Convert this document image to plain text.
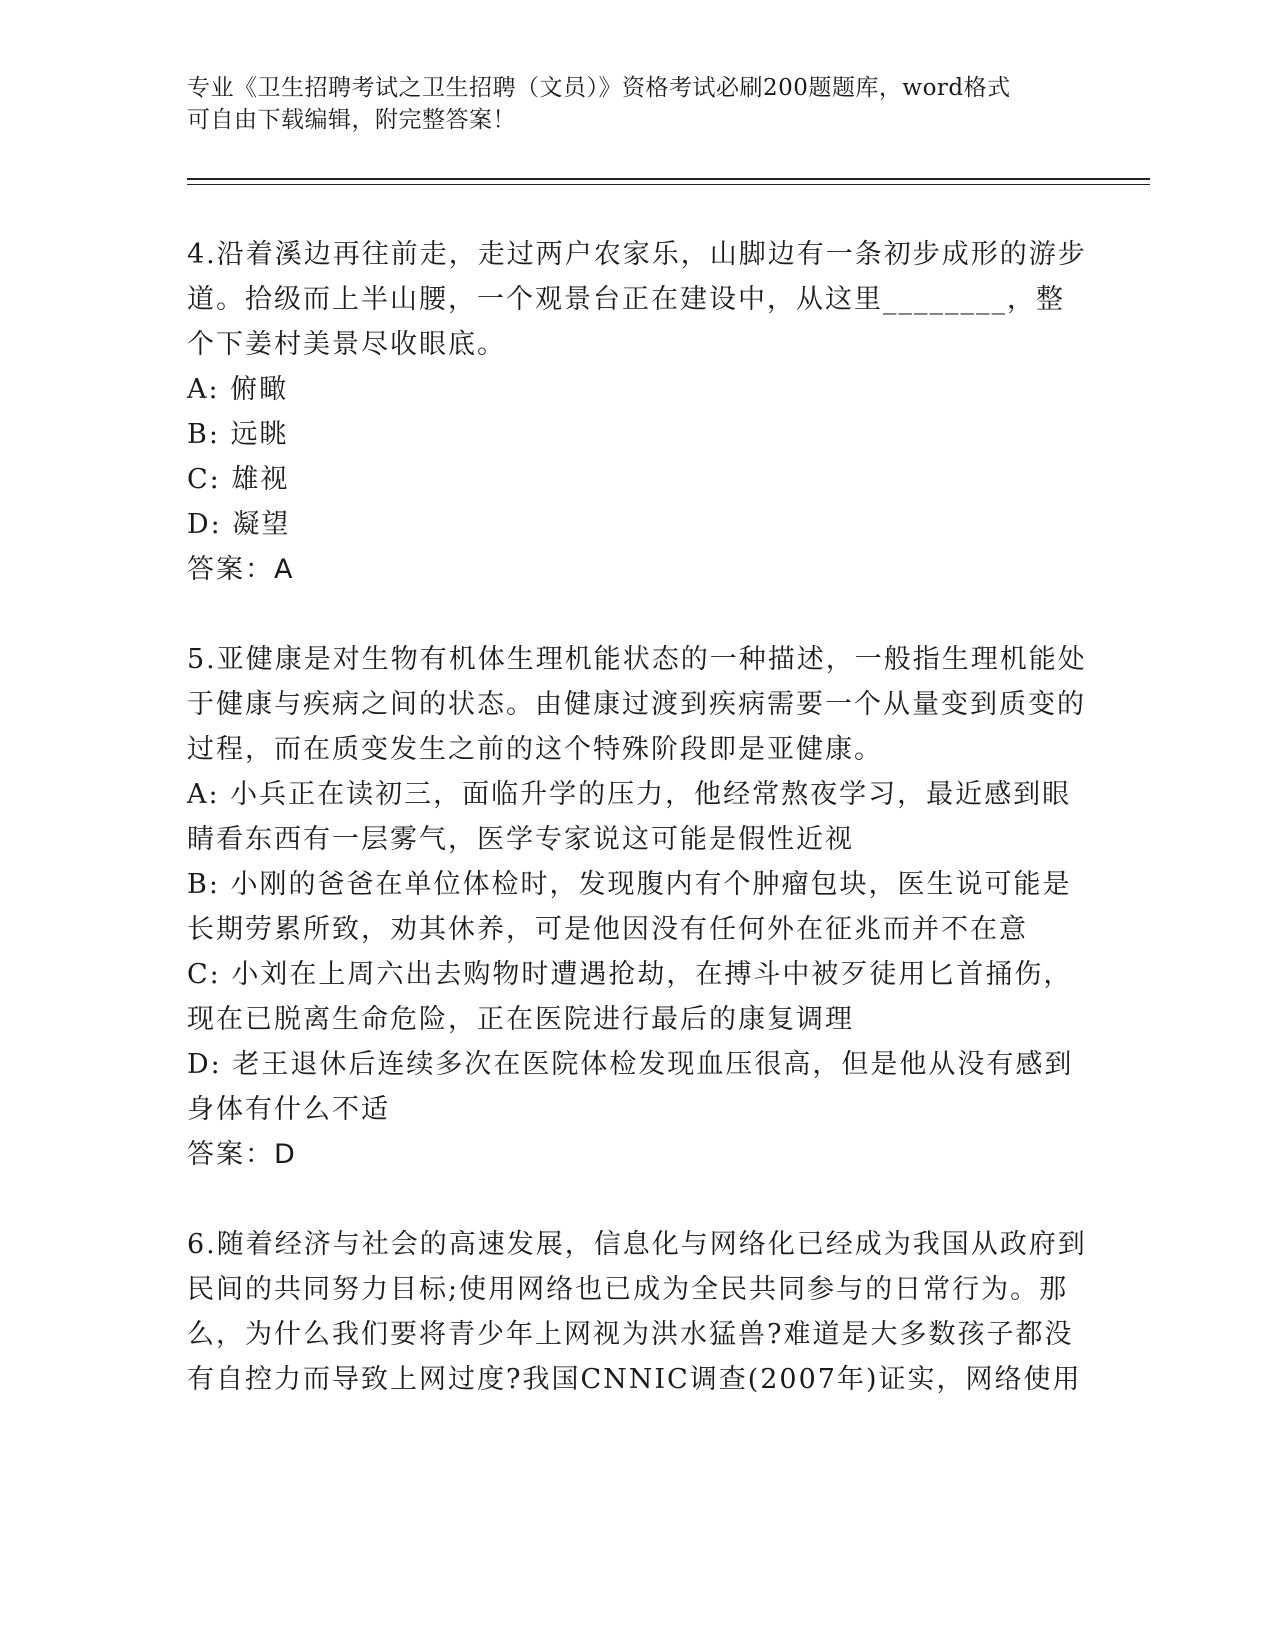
专业《卫生招聘考试之卫生招聘（文员）》资格考试必刷200题题库，word格式
可自由下载编辑，附完整答案！

4.沿着溪边再往前走，走过两户农家乐，山脚边有一条初步成形的游步道。拾级而上半山腰，一个观景台正在建设中，从这里________，整个下姜村美景尽收眼底。

A: 俯瞰

B: 远眺

C: 雄视

D: 凝望

答案：A

5.亚健康是对生物有机体生理机能状态的一种描述，一般指生理机能处于健康与疾病之间的状态。由健康过渡到疾病需要一个从量变到质变的过程，而在质变发生之前的这个特殊阶段即是亚健康。

A: 小兵正在读初三，面临升学的压力，他经常熬夜学习，最近感到眼睛看东西有一层雾气，医学专家说这可能是假性近视

B: 小刚的爸爸在单位体检时，发现腹内有个肿瘤包块，医生说可能是长期劳累所致，劝其休养，可是他因没有任何外在征兆而并不在意

C: 小刘在上周六出去购物时遭遇抢劫，在搏斗中被歹徒用匕首捅伤，现在已脱离生命危险，正在医院进行最后的康复调理

D: 老王退休后连续多次在医院体检发现血压很高，但是他从没有感到身体有什么不适

答案：D

6.随着经济与社会的高速发展，信息化与网络化已经成为我国从政府到民间的共同努力目标;使用网络也已成为全民共同参与的日常行为。那么，为什么我们要将青少年上网视为洪水猛兽?难道是大多数孩子都没有自控力而导致上网过度?我国CNNIC调查(2007年)证实，网络使用
